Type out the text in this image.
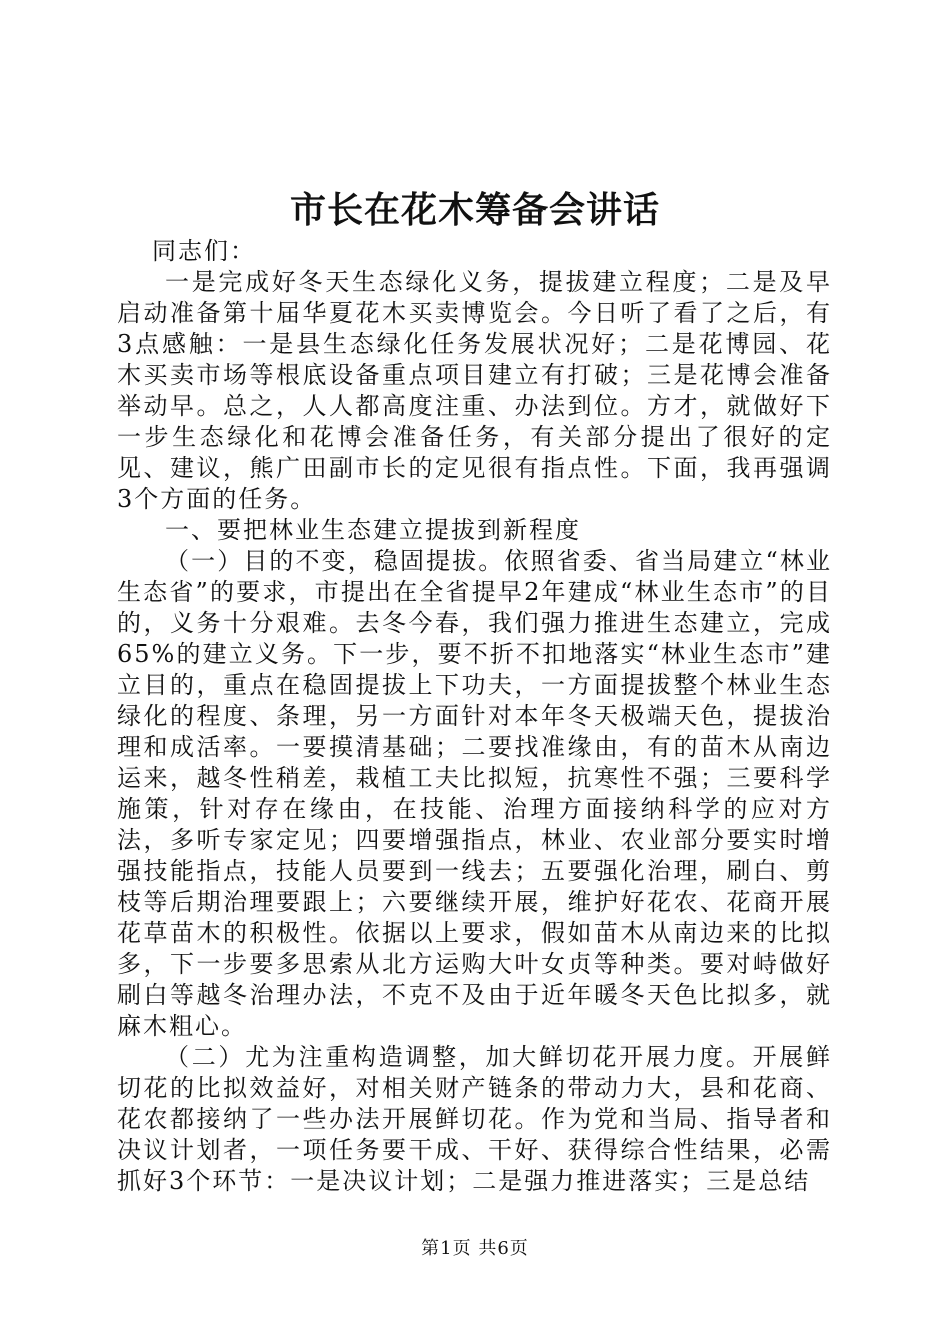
市长在花木筹备会讲话

同志们：

一是完成好冬天生态绿化义务，提拔建立程度；二是及早启动准备第十届华夏花木买卖博览会。今日听了看了之后，有3点感触：一是县生态绿化任务发展状况好；二是花博园、花木买卖市场等根底设备重点项目建立有打破；三是花博会准备举动早。总之，人人都高度注重、办法到位。方才，就做好下一步生态绿化和花博会准备任务，有关部分提出了很好的定见、建议，熊广田副市长的定见很有指点性。下面，我再强调3个方面的任务。

一、要把林业生态建立提拔到新程度

（一）目的不变，稳固提拔。依照省委、省当局建立“林业生态省”的要求，市提出在全省提早2年建成“林业生态市”的目的，义务十分艰难。去冬今春，我们强力推进生态建立，完成65%的建立义务。下一步，要不折不扣地落实“林业生态市”建立目的，重点在稳固提拔上下功夫，一方面提拔整个林业生态绿化的程度、条理，另一方面针对本年冬天极端天色，提拔治理和成活率。一要摸清基础；二要找准缘由，有的苗木从南边运来，越冬性稍差，栽植工夫比拟短，抗寒性不强；三要科学施策，针对存在缘由，在技能、治理方面接纳科学的应对方法，多听专家定见；四要增强指点，林业、农业部分要实时增强技能指点，技能人员要到一线去；五要强化治理，刷白、剪枝等后期治理要跟上；六要继续开展，维护好花农、花商开展花草苗木的积极性。依据以上要求，假如苗木从南边来的比拟多，下一步要多思索从北方运购大叶女贞等种类。要对峙做好刷白等越冬治理办法，不克不及由于近年暖冬天色比拟多，就麻木粗心。

（二）尤为注重构造调整，加大鲜切花开展力度。开展鲜切花的比拟效益好，对相关财产链条的带动力大，县和花商、花农都接纳了一些办法开展鲜切花。作为党和当局、指导者和决议计划者，一项任务要干成、干好、获得综合性结果，必需抓好3个环节：一是决议计划；二是强力推进落实；三是总结

第1页 共6页
